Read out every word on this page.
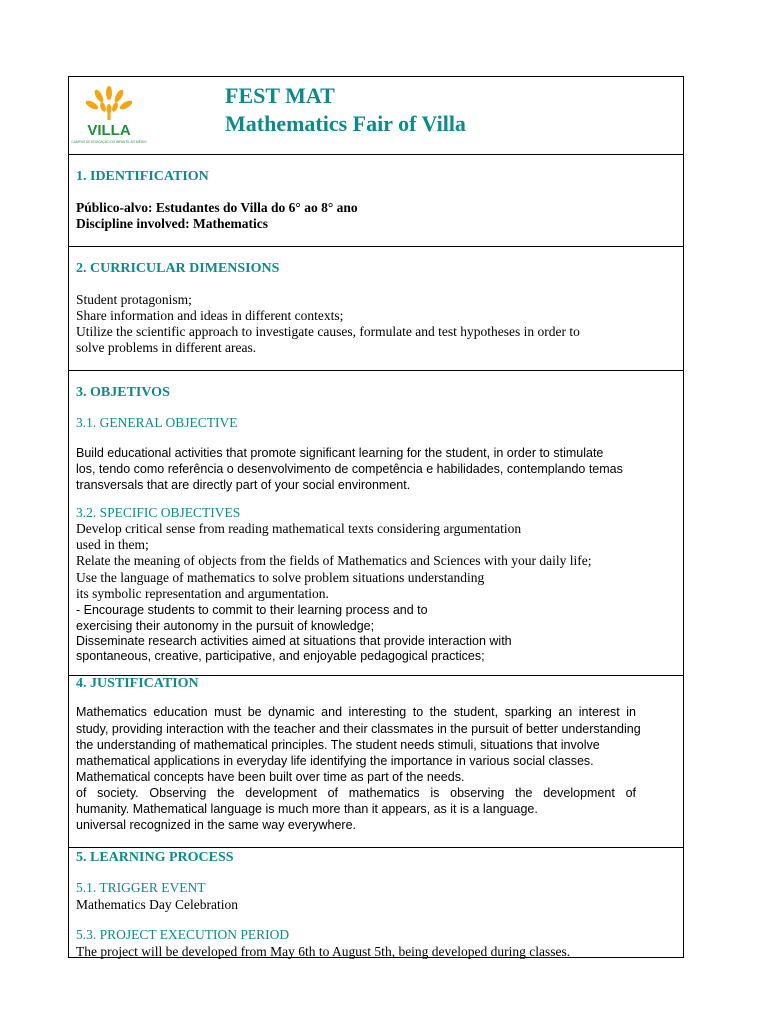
VILLA
CAMPUS DE EDUCAÇÃO DO INFANTIL AO MÉDIO
FEST MAT
Mathematics Fair of Villa
1. IDENTIFICATION
Público-alvo: Estudantes do Villa do 6° ao 8° ano
Discipline involved: Mathematics
2. CURRICULAR DIMENSIONS
Student protagonism;
Share information and ideas in different contexts;
Utilize the scientific approach to investigate causes, formulate and test hypotheses in order to
solve problems in different areas.
3. OBJETIVOS
3.1. GENERAL OBJECTIVE
Build educational activities that promote significant learning for the student, in order to stimulate
los, tendo como referência o desenvolvimento de competência e habilidades, contemplando temas
transversals that are directly part of your social environment.
3.2. SPECIFIC OBJECTIVES
Develop critical sense from reading mathematical texts considering argumentation
used in them;
Relate the meaning of objects from the fields of Mathematics and Sciences with your daily life;
Use the language of mathematics to solve problem situations understanding
its symbolic representation and argumentation.
- Encourage students to commit to their learning process and to
exercising their autonomy in the pursuit of knowledge;
Disseminate research activities aimed at situations that provide interaction with
spontaneous, creative, participative, and enjoyable pedagogical practices;
4. JUSTIFICATION
Mathematics education must be dynamic and interesting to the student, sparking an interest in
study, providing interaction with the teacher and their classmates in the pursuit of better understanding
the understanding of mathematical principles. The student needs stimuli, situations that involve
mathematical applications in everyday life identifying the importance in various social classes.
Mathematical concepts have been built over time as part of the needs.
of society. Observing the development of mathematics is observing the development of
humanity. Mathematical language is much more than it appears, as it is a language.
universal recognized in the same way everywhere.
5. LEARNING PROCESS
5.1. TRIGGER EVENT
Mathematics Day Celebration
5.3. PROJECT EXECUTION PERIOD
The project will be developed from May 6th to August 5th, being developed during classes.
